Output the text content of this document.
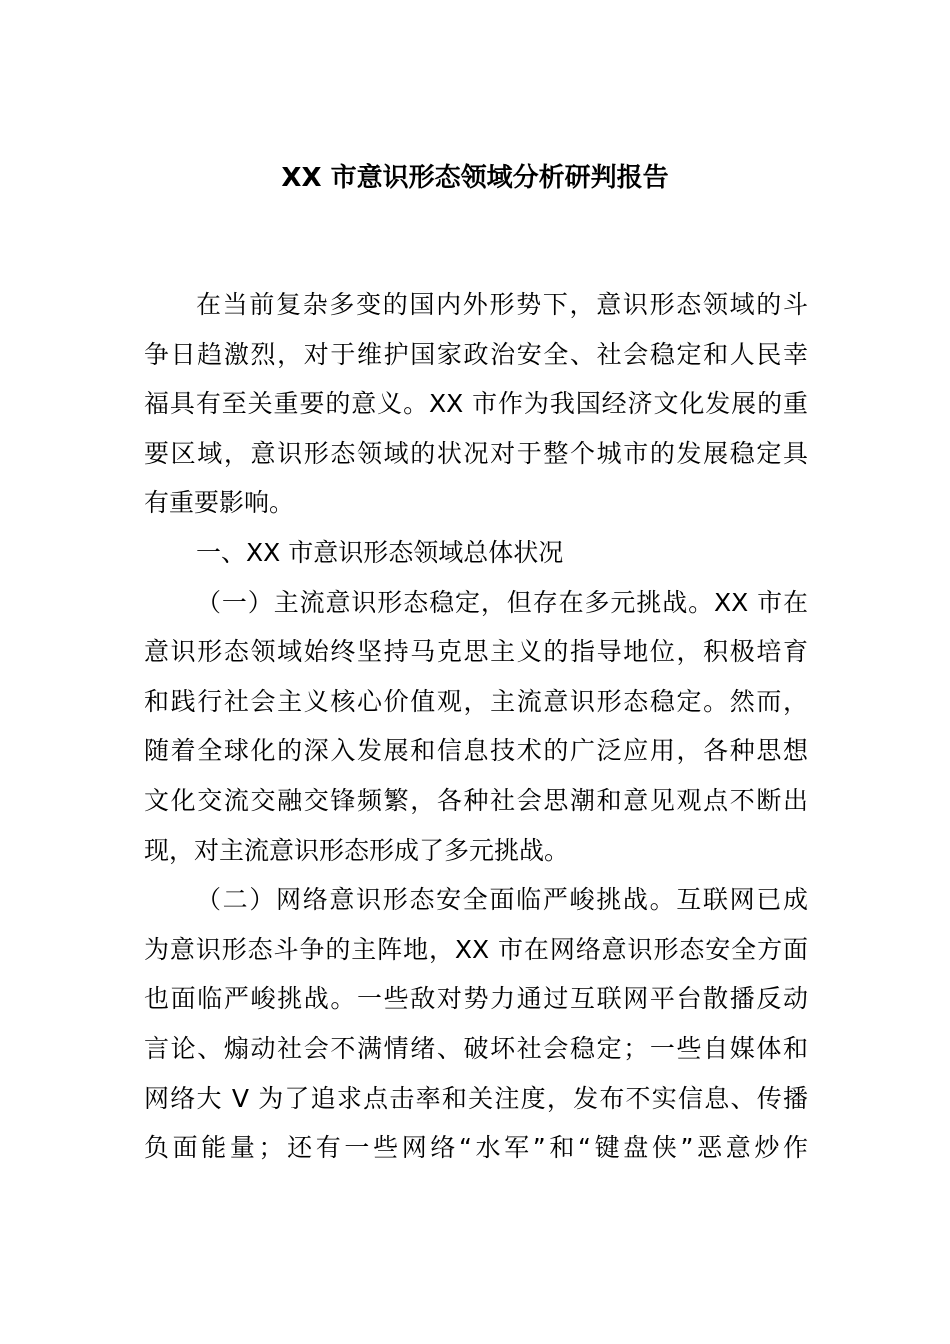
XX 市意识形态领域分析研判报告
在当前复杂多变的国内外形势下，意识形态领域的斗
争日趋激烈，对于维护国家政治安全、社会稳定和人民幸
福具有至关重要的意义。XX 市作为我国经济文化发展的重
要区域，意识形态领域的状况对于整个城市的发展稳定具
有重要影响。
一、XX 市意识形态领域总体状况
（一）主流意识形态稳定，但存在多元挑战。XX 市在
意识形态领域始终坚持马克思主义的指导地位，积极培育
和践行社会主义核心价值观，主流意识形态稳定。然而，
随着全球化的深入发展和信息技术的广泛应用，各种思想
文化交流交融交锋频繁，各种社会思潮和意见观点不断出
现，对主流意识形态形成了多元挑战。
（二）网络意识形态安全面临严峻挑战。互联网已成
为意识形态斗争的主阵地，XX 市在网络意识形态安全方面
也面临严峻挑战。一些敌对势力通过互联网平台散播反动
言论、煽动社会不满情绪、破坏社会稳定；一些自媒体和
网络大 V 为了追求点击率和关注度，发布不实信息、传播
负面能量；还有一些网络“水军”和“键盘侠”恶意炒作
